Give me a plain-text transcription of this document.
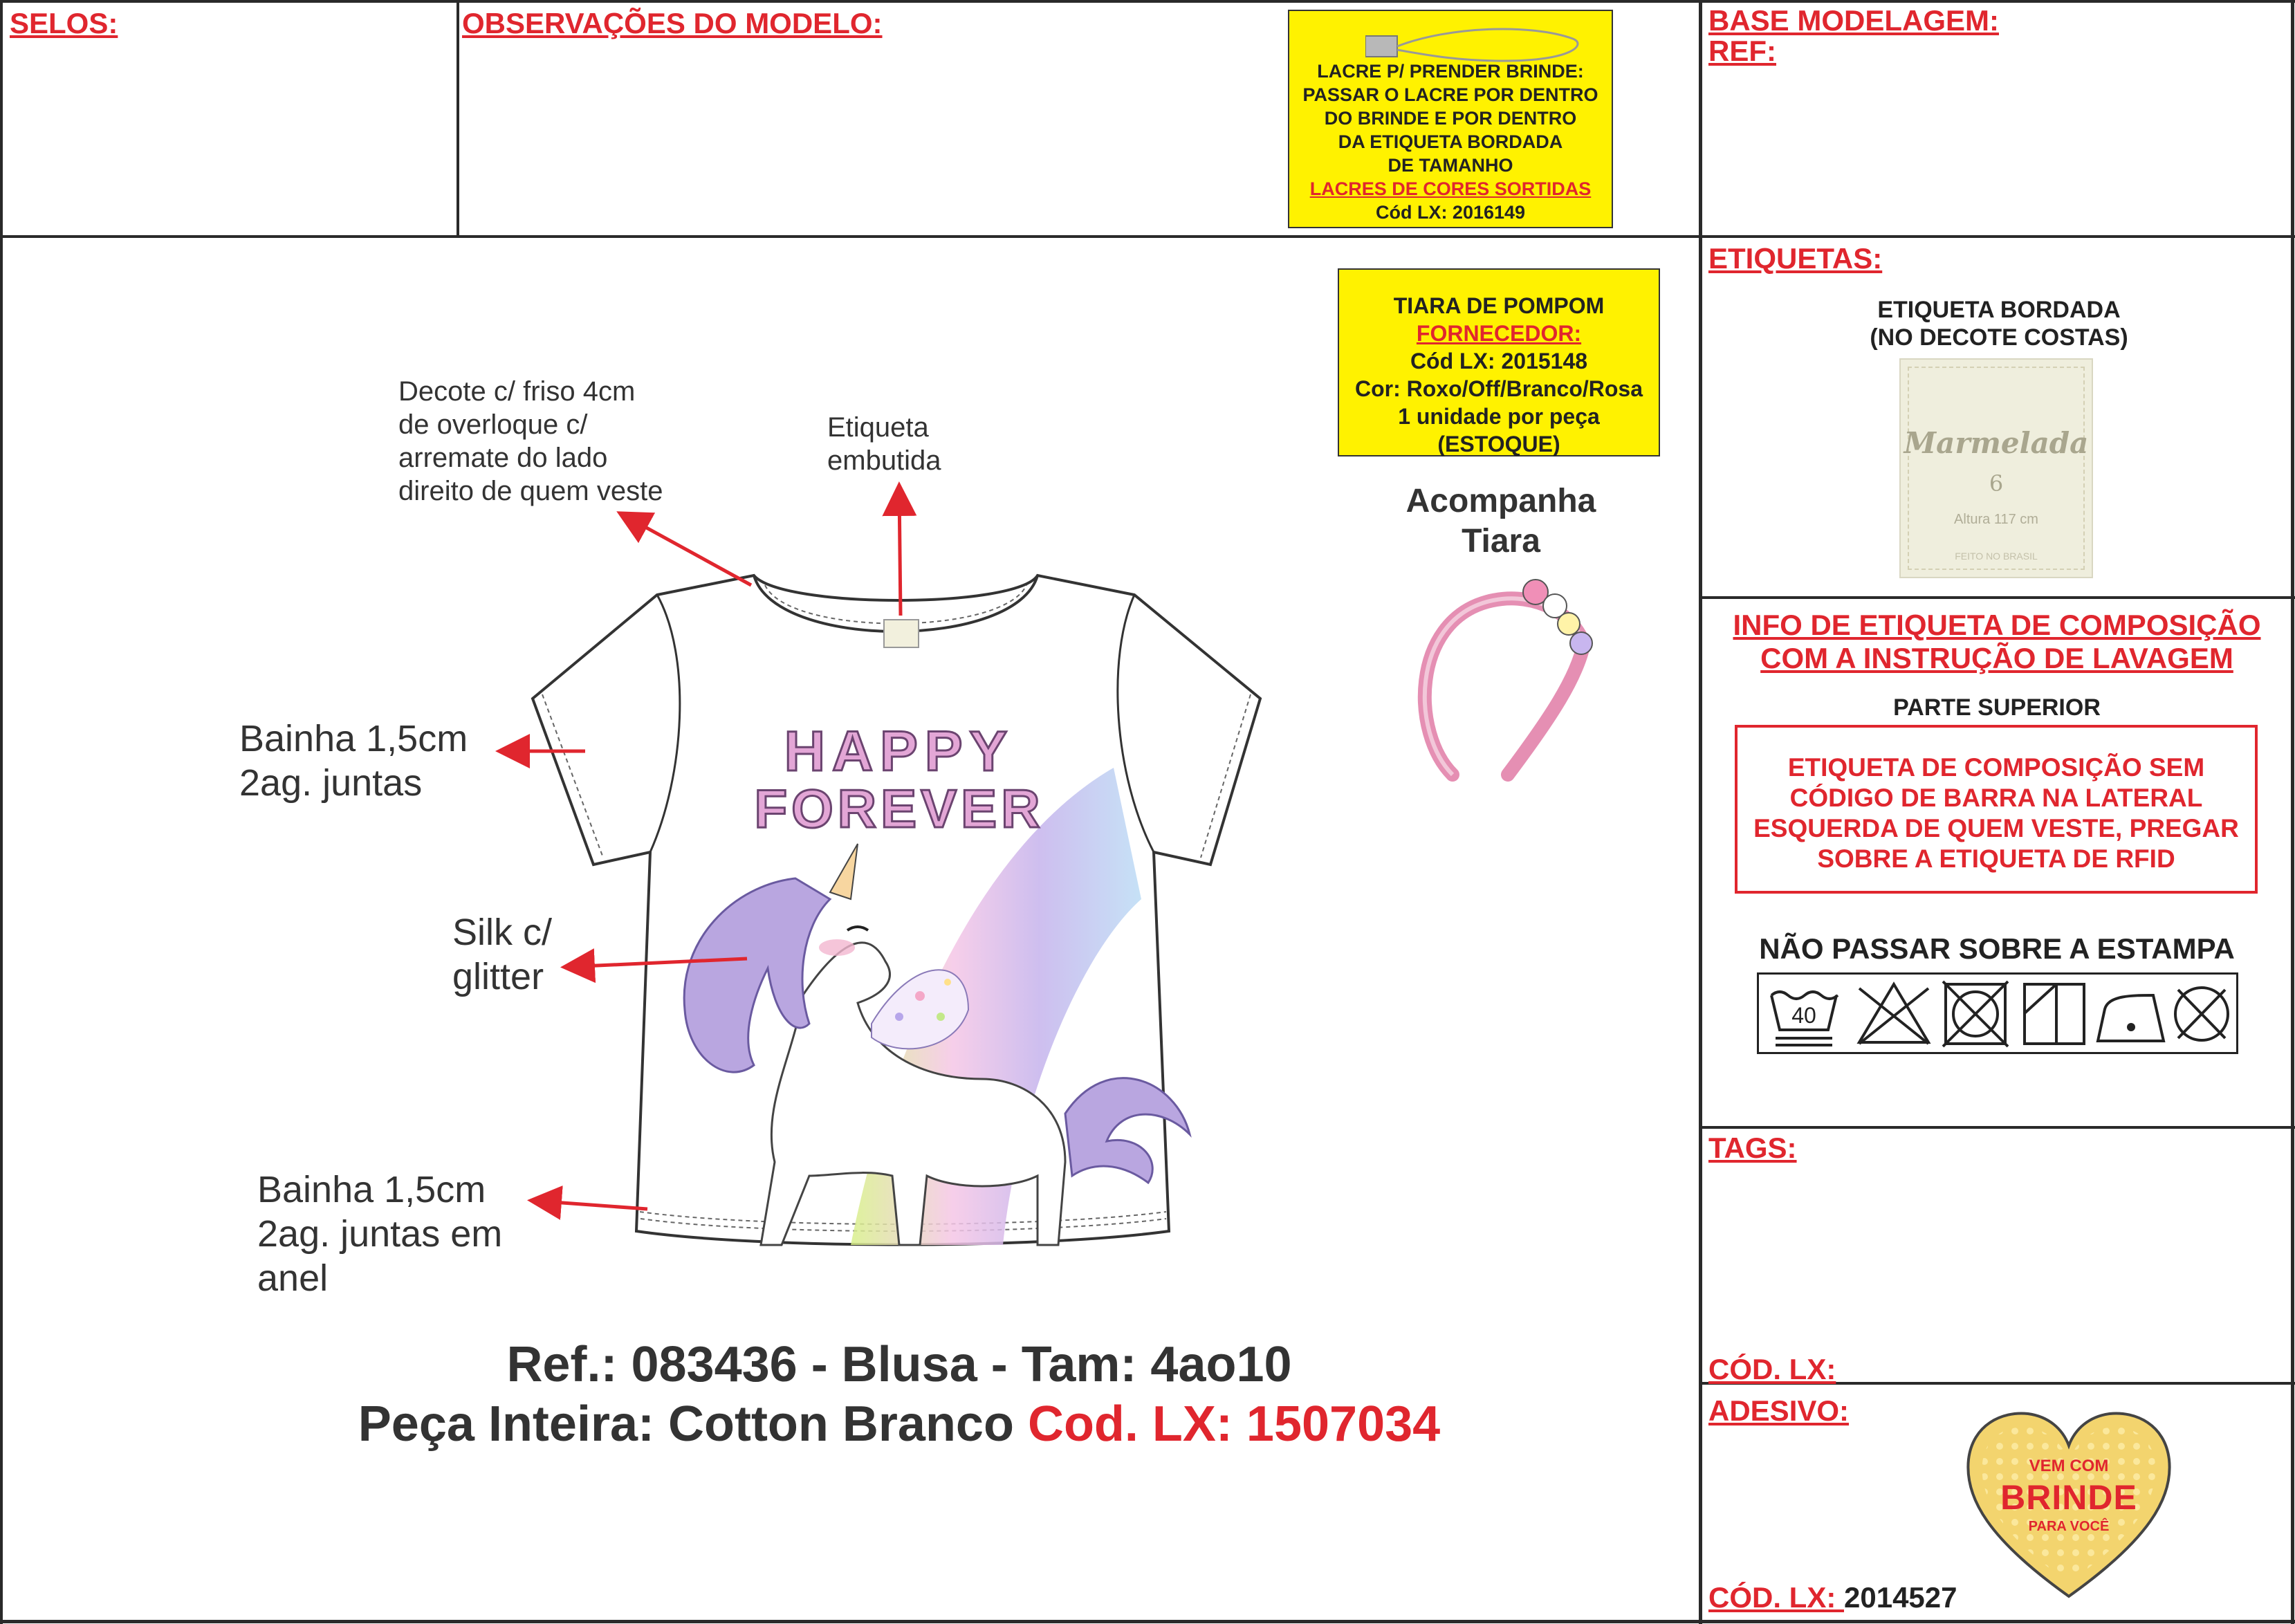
SELOS:	OBSERVAÇÕES DO MODELO:
LACRE P/ PRENDER BRINDE:
PASSAR O LACRE POR DENTRO
DO BRINDE E POR DENTRO
DA ETIQUETA BORDADA
DE TAMANHO
LACRES DE CORES SORTIDAS
Cód LX: 2016149
BASE MODELAGEM:
REF:
TIARA DE POMPOM
FORNECEDOR:
Cód LX: 2015148
Cor: Roxo/Off/Branco/Rosa
1 unidade por peça
(ESTOQUE)
Acompanha
Tiara
Decote c/ friso 4cm
de overloque c/
arremate do lado
direito de quem veste
Etiqueta
embutida
Bainha 1,5cm
2ag. juntas
Silk c/
glitter
Bainha 1,5cm
2ag. juntas em
anel
HAPPY
FOREVER
Ref.: 083436 - Blusa - Tam: 4ao10
Peça Inteira: Cotton Branco Cod. LX: 1507034
ETIQUETAS:
ETIQUETA BORDADA
(NO DECOTE COSTAS)
Marmelada
6
Altura 117 cm
FEITO NO BRASIL
INFO DE ETIQUETA DE COMPOSIÇÃO
COM A INSTRUÇÃO DE LAVAGEM
PARTE SUPERIOR
ETIQUETA DE COMPOSIÇÃO SEM
CÓDIGO DE BARRA NA LATERAL
ESQUERDA DE QUEM VESTE, PREGAR
SOBRE A ETIQUETA DE RFID
NÃO PASSAR SOBRE A ESTAMPA
40
TAGS:
CÓD. LX:
ADESIVO:
CÓD. LX: 2014527
VEM COM
BRINDE
PARA VOCÊ
